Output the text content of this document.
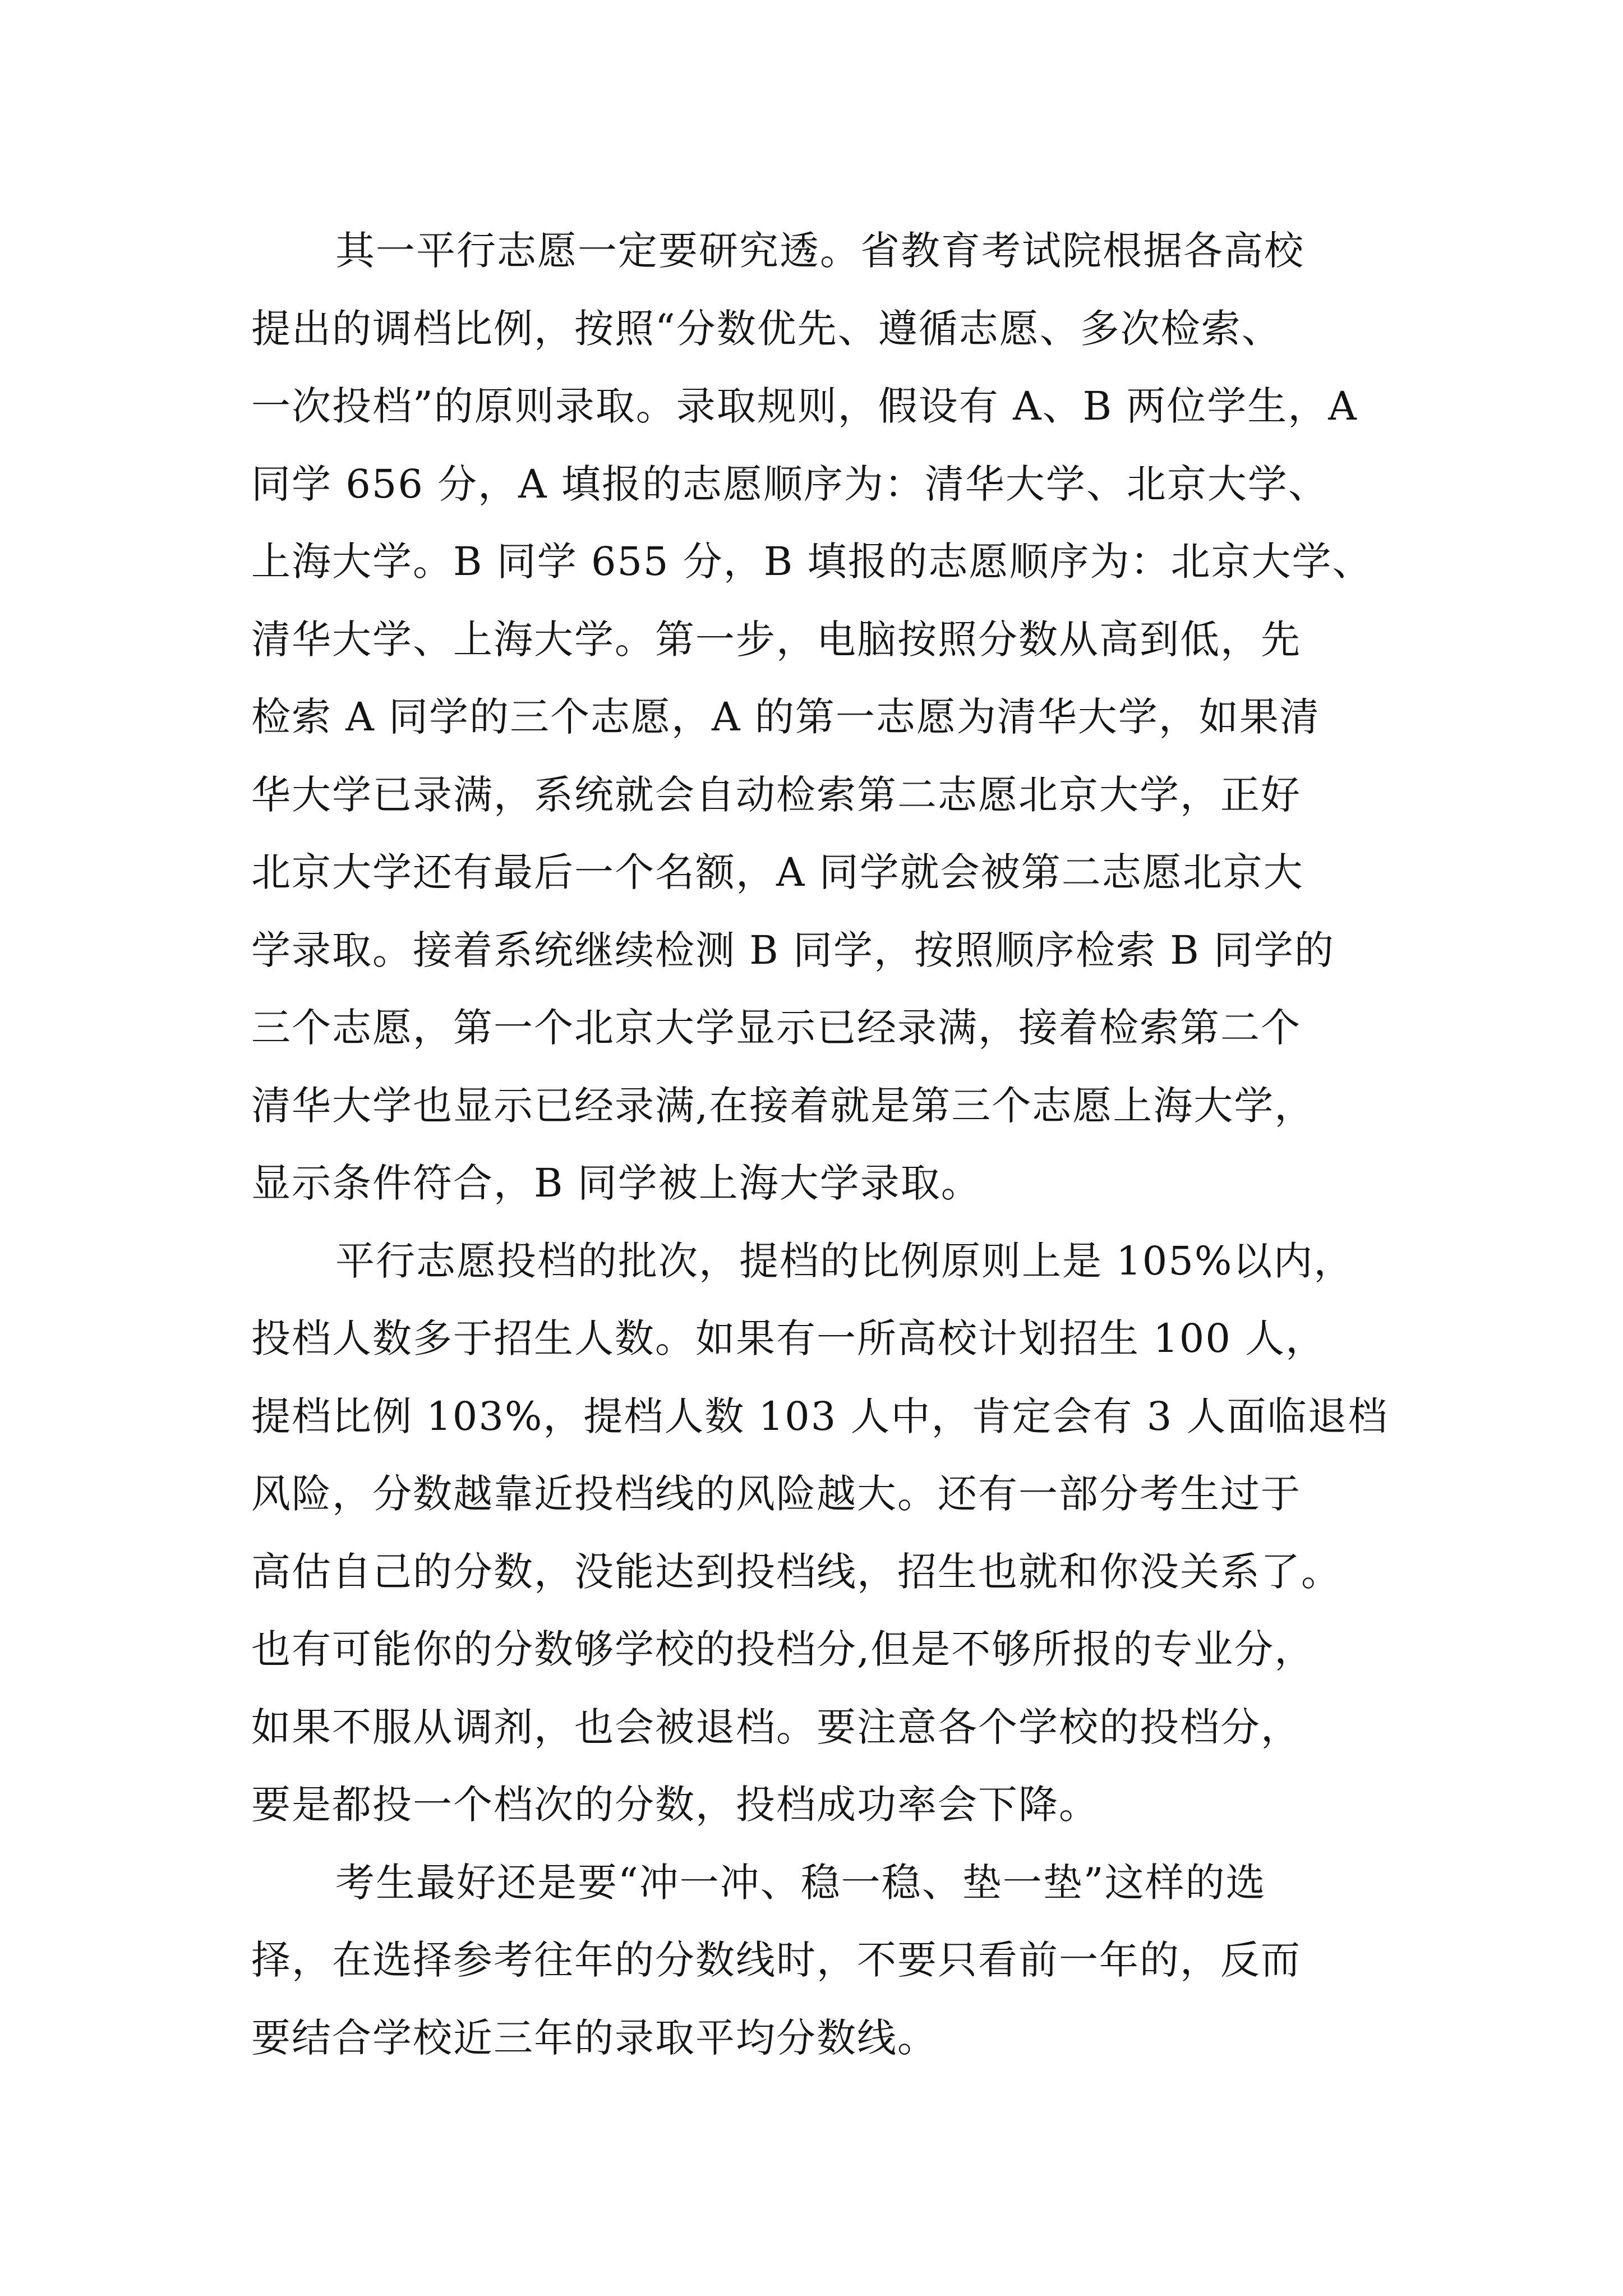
其一平行志愿一定要研究透。省教育考试院根据各高校
提出的调档比例，按照“分数优先、遵循志愿、多次检索、
一次投档”的原则录取。录取规则，假设有 A、B 两位学生，A
同学 656 分，A 填报的志愿顺序为：清华大学、北京大学、
上海大学。B 同学 655 分，B 填报的志愿顺序为：北京大学、
清华大学、上海大学。第一步，电脑按照分数从高到低，先
检索 A 同学的三个志愿，A 的第一志愿为清华大学，如果清
华大学已录满，系统就会自动检索第二志愿北京大学，正好
北京大学还有最后一个名额，A 同学就会被第二志愿北京大
学录取。接着系统继续检测 B 同学，按照顺序检索 B 同学的
三个志愿，第一个北京大学显示已经录满，接着检索第二个
清华大学也显示已经录满,在接着就是第三个志愿上海大学，
显示条件符合，B 同学被上海大学录取。
平行志愿投档的批次，提档的比例原则上是 105%以内，
投档人数多于招生人数。如果有一所高校计划招生 100 人，
提档比例 103%，提档人数 103 人中，肯定会有 3 人面临退档
风险，分数越靠近投档线的风险越大。还有一部分考生过于
高估自己的分数，没能达到投档线，招生也就和你没关系了。
也有可能你的分数够学校的投档分,但是不够所报的专业分，
如果不服从调剂，也会被退档。要注意各个学校的投档分，
要是都投一个档次的分数，投档成功率会下降。
考生最好还是要“冲一冲、稳一稳、垫一垫”这样的选
择，在选择参考往年的分数线时，不要只看前一年的，反而
要结合学校近三年的录取平均分数线。
